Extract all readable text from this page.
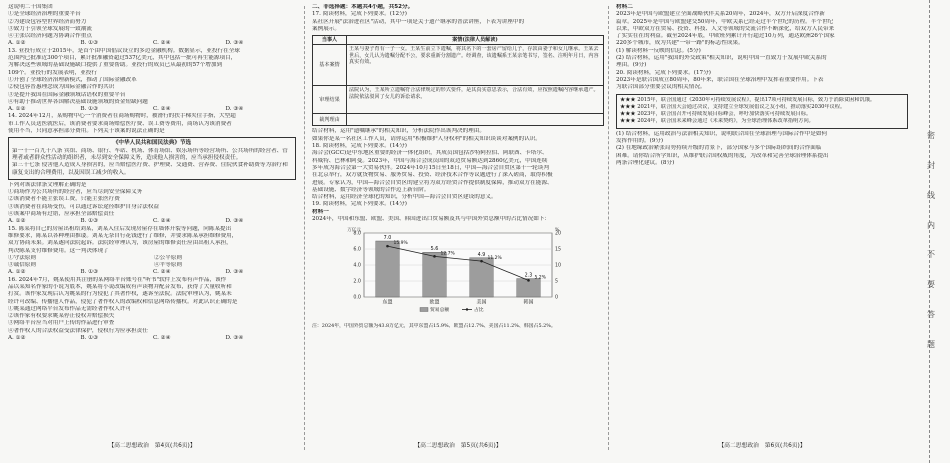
这说明二十国集团
①是全球经济治理的重要平台
②为建设包容型世界经济而努力
③致力于引领全球发展的一致潮流
④主张以经济问题为协调合作重点
A. ①②	B. ①③	C. ②④	D. ③④
13. 亚投行成立于2015年，是首个由中国倡议设立的多边金融机构。数据显示，亚投行在全球
范围内已批准近300个项目，累计批准融资超过537亿美元，其中包括一批可再生能源项目，
为解决这些领域的基础设施缺口提供了重要帮助。亚投行的成员已从最初的57个增加到
109个。亚投行的发展表明，亚投行
①开创了全球经济治理新模式，推动了国际金融改革
②使包容普惠理念成为国际金融合作的共识
③是提升我国在国际金融领域话语权的重要平台
④有助于推动世界各国解决基础设施领域的资金短缺问题
A. ①②	B. ①③	C. ②④	D. ③④
14. 2024年12月，某购物中心一个消费者在商场购物时，被滑行的扶手梯夹住手指，大型超
市工作人员送医就医后，该消费者要求商场赔偿医疗费、误工费等费用，商场认为该消费者
使用不当，只同意承担部分费用。下列关于该案的说法正确的是
《中华人民共和国民法典》节选
第一千一百九十八条 宾馆、商场、银行、车站、机场、体育场馆、娱乐场所等经营场所、公共场所的经营者、管理者或者群众性活动的组织者，未尽到安全保障义务，造成他人损害的，应当承担侵权责任。
第三十七条 侵害他人造成人身损害的，应当赔偿医疗费、护理费、交通费、营养费、住院伙食补助费等为治疗和康复支出的合理费用，以及因误工减少的收入。
下列对该法律条文理解正确的是
①商场作为公共场所的经营者，应当尽到安全保障义务
②该消费者不能主张误工费，只能主张医疗费
③该消费者在商场受伤，可以通过诉讼途径维护自身合法权益
④该案中商场有过错，应承担全部赔偿责任
A. ①②	B. ①③	C. ②④	D. ③④
15. 陈某将自己的房屋出租给刘某，刘某入住后发现房屋存在墙体开裂等问题，向陈某提出
维修要求，陈某以各种理由推诿。刘某无奈自行花钱进行了维修，并要求陈某承担维修费用，
双方协商未果。刘某遂向法院起诉。法院经审理认为，该房屋的维修责任应由出租人承担，
判决陈某支付维修费用。这一判决体现了
①守法原则	②公平原则
③诚信原则	④平等原则
A. ①②	B. ①③	C. ②④	D. ③④
16. 2024年7月，姚某使用其注册的某网络平台账号在"听书"软件上发布有声作品，该作
品以某知名作家的小说为底本，姚某将小说改编成有声读物并配音发布，获得了大量收听和
打赏。该作家发现后认为姚某的行为侵犯了其著作权，遂诉至法院。法院审理认为，姚某未
经许可改编、传播他人作品，侵犯了著作权人的改编权和信息网络传播权。对此认识正确的是
①姚某通过网络平台发布作品无需经著作权人许可
②该作家有权要求姚某停止侵权并赔偿损失
③网络平台应当对用户上传的作品进行审查
④著作权人的合法权益受法律保护，侵权行为应承担责任
A. ①②	B. ①③	C. ②④	D. ③④
【高二思想政治　第4页(共6页)】
二、非选择题：本题共4小题，共52分。
17. 阅读材料，完成下列要求。(12分)
某社区开展"法治进社区"活动，其中一项是关于遗产继承的普法讲座，下表为讲座中的
案例展示。
当事人	案情(法律人员解读)
基本案情	王某与妻子育有一子一女。王某生前立下遗嘱，将其名下的一套房产留给儿子，存款由妻子和女儿继承。王某去世后，女儿认为遗嘱分配不公，要求重新分割遗产。经调查，该遗嘱系王某亲笔书写，签名、注明年月日，内容真实有效。

审理结果	法院认为，王某所立遗嘱符合法律规定的形式要件，是其真实意思表示，合法有效，应按照遗嘱内容继承遗产。法院依法驳回了女儿的诉讼请求。

裁判理由	
结合材料，运用"遗嘱继承"的相关知识，分析法院作出该判决的理由。
如果你是某一名社区工作人员，请你运用"积极维护人身权利"的相关知识谈谈对案例的认识。
18. 阅读材料，完成下列要求。(14分)
海合会(GCC)是中东地区重要的经济一体化组织，其成员国包括沙特阿拉伯、阿联酋、卡塔尔、
科威特、巴林和阿曼。2023年，中国与海合会成员国的双边贸易额达到2860亿美元，中国连续
多年成为海合会第一大贸易伙伴。2024年10月15日至18日，中国—海合会自贸区第十一轮谈判
在北京举行，双方就货物贸易、服务贸易、投资、经济技术合作等议题进行了深入磋商，取得积极
进展。专家认为，中国—海合会自贸区的建立将为双方经贸合作提供制度保障，推动双方在能源、
基础设施、数字经济等领域的合作迈上新台阶。
结合材料，运用经济全球化的知识，分析中国—海合会自贸区建设的意义。
19. 阅读材料，完成下列要求。(14分)
材料一
2024年，中国和东盟、欧盟、美国、韩国进出口贸易额及其与中国外贸总额中的占比情况如下：
0.0
2.0
4.0
6.0
8.0
0
5
10
15
20
万亿元	%
7.0
东盟
5.6
欧盟
4.9
美国
2.3
韩国
15.9%
12.7%
11.2%
5.2%
贸易总额	占比
注：2024年，中国外贸总额为43.8万亿元，其中东盟占15.9%、欧盟占12.7%、美国占11.2%、韩国占5.2%。
【高二思想政治　第5页(共6页)】
材料二
2023年是中国与欧盟建立全面战略伙伴关系20周年，2024年，双方开启深度合作新
篇章。2025年是中国与欧盟建交50周年，中欧关系已经走过半个世纪的历程。半个世纪
以来，中欧双方在贸易、投资、科技、人文等领域的交流合作不断深化，给双方人民带来
了实实在在的利益。截至2024年底，中欧班列累计开行超过10万列，通达欧洲26个国家
220多个城市，成为共建"一带一路"的标志性成果。
(1) 解读材料一反映的信息。(5分)
(2) 结合材料，运用"我国的外交政策"相关知识，说明中国一直致力于发展中欧关系的
理由。(9分)
20. 阅读材料，完成下列要求。(17分)
2023年是联合国成立80周年，80年来，联合国在全球治理中发挥着重要作用。下表
为联合国部分重要会议的相关情况。
★★★ 2015年，联合国通过《2030年可持续发展议程》，提出17项可持续发展目标，致力于消除贫困和饥饿。
★★★ 2021年，联合国大会通过决议，支持建立全球发展倡议之友小组，推动落实2030年议程。
★★★ 2023年，联合国召开可持续发展目标峰会，呼吁加快落实可持续发展目标。
★★★ 2024年，联合国未来峰会通过《未来契约》，为全球治理体系改革指明方向。
(1) 结合材料，运用政治与法治相关知识，说明联合国在全球治理与国际合作中是如何
发挥作用的。(9分)
(2) 在地缘政治紧张局势持续升级的背景下，部分国家与多个国际组织间的合作面临
困难。请你结合所学知识，从维护联合国权威的角度，为改革和完善全球治理体系提出
两条合理化建议。(8分)
【高二思想政治　第6页(共6页)】
密
封
线
内
不
要
答
题
